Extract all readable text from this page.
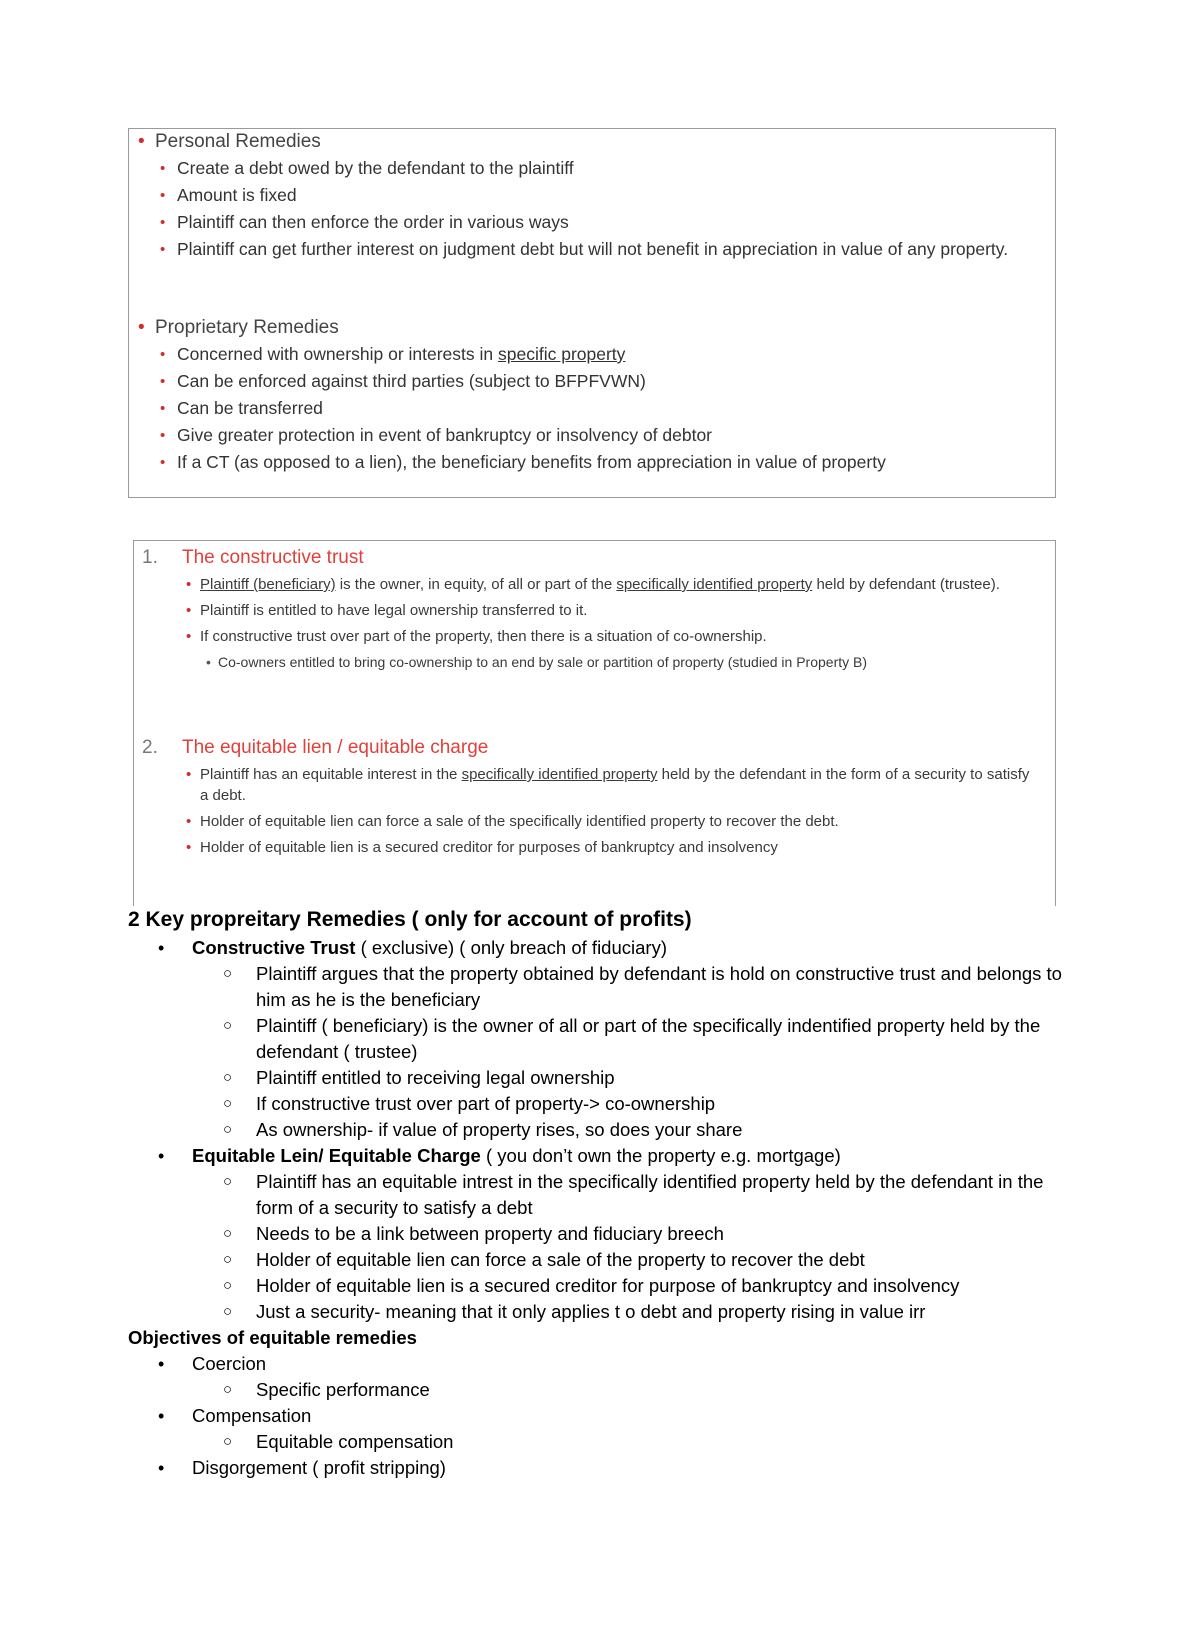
• Personal Remedies
• Create a debt owed by the defendant to the plaintiff
• Amount is fixed
• Plaintiff can then enforce the order in various ways
• Plaintiff can get further interest on judgment debt but will not benefit in appreciation in value of any property.
• Proprietary Remedies
• Concerned with ownership or interests in specific property
• Can be enforced against third parties (subject to BFPFVWN)
• Can be transferred
• Give greater protection in event of bankruptcy or insolvency of debtor
• If a CT (as opposed to a lien), the beneficiary benefits from appreciation in value of property
1. The constructive trust
• Plaintiff (beneficiary) is the owner, in equity, of all or part of the specifically identified property held by defendant (trustee).
• Plaintiff is entitled to have legal ownership transferred to it.
• If constructive trust over part of the property, then there is a situation of co-ownership.
• Co-owners entitled to bring co-ownership to an end by sale or partition of property (studied in Property B)
2. The equitable lien / equitable charge
• Plaintiff has an equitable interest in the specifically identified property held by the defendant in the form of a security to satisfy a debt.
• Holder of equitable lien can force a sale of the specifically identified property to recover the debt.
• Holder of equitable lien is a secured creditor for purposes of bankruptcy and insolvency
2 Key propreitary Remedies ( only for account of profits)
• Constructive Trust ( exclusive) ( only breach of fiduciary)
○ Plaintiff argues that the property obtained by defendant is hold on constructive trust and belongs to him as he is the beneficiary
○ Plaintiff ( beneficiary) is the owner of all or part of the specifically indentified property held by the defendant ( trustee)
○ Plaintiff entitled to receiving legal ownership
○ If constructive trust over part of property-> co-ownership
○ As ownership- if value of property rises, so does your share
• Equitable Lein/ Equitable Charge ( you don’t own the property e.g. mortgage)
○ Plaintiff has an equitable intrest in the specifically identified property held by the defendant in the form of a security to satisfy a debt
○ Needs to be a link between property and fiduciary breech
○ Holder of equitable lien can force a sale of the property to recover the debt
○ Holder of equitable lien is a secured creditor for purpose of bankruptcy and insolvency
○ Just a security- meaning that it only applies t o debt and property rising in value irr
Objectives of equitable remedies
• Coercion
○ Specific performance
• Compensation
○ Equitable compensation
• Disgorgement ( profit stripping)
